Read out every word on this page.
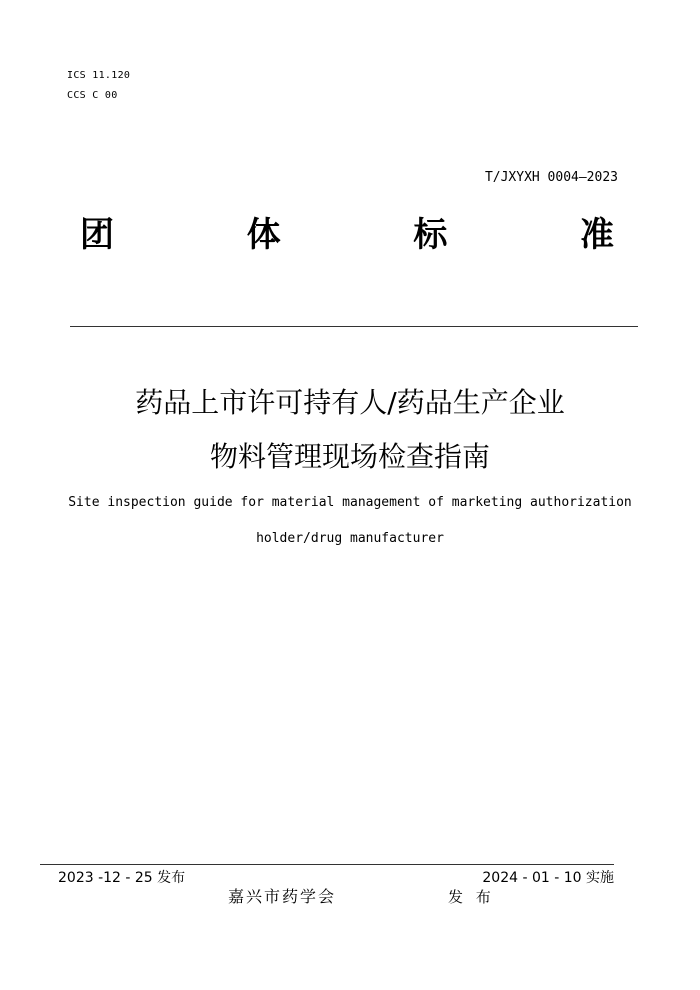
ICS 11.120
CCS C 00
T/JXYXH 0004—2023
团	体	标	准
药品上市许可持有人/药品生产企业
物料管理现场检查指南
Site inspection guide for material management of marketing authorization
holder/drug manufacturer
2023 -12 - 25 发布	2024 - 01 - 10 实施
嘉兴市药学会	发 布
